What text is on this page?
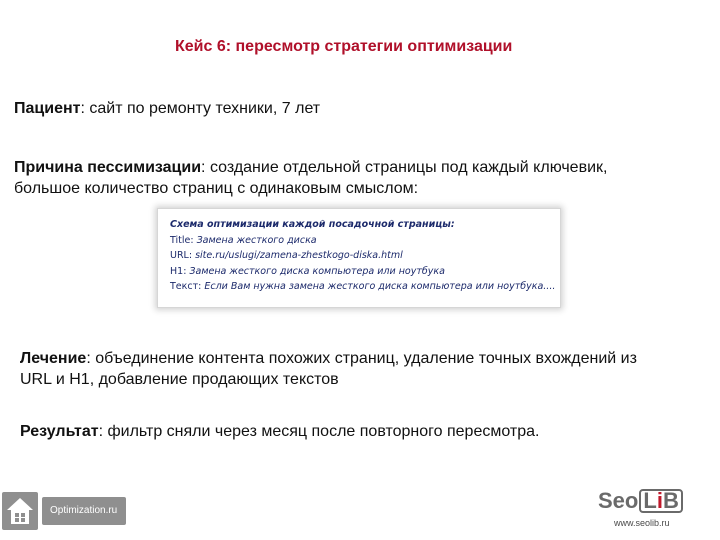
Кейс 6: пересмотр стратегии оптимизации
Пациент: сайт по ремонту техники, 7 лет
Причина пессимизации: создание отдельной страницы под каждый ключевик, большое количество страниц с одинаковым смыслом:
Схема оптимизации каждой посадочной страницы:
Title: Замена жесткого диска
URL: site.ru/uslugi/zamena-zhestkogo-diska.html
H1: Замена жесткого диска компьютера или ноутбука
Текст: Если Вам нужна замена жесткого диска компьютера или ноутбука....
Лечение: объединение контента похожих страниц, удаление точных вхождений из URL и H1, добавление продающих текстов
Результат: фильтр сняли через месяц после повторного пересмотра.
Optimization.ru	Seo LiB
www.seolib.ru
